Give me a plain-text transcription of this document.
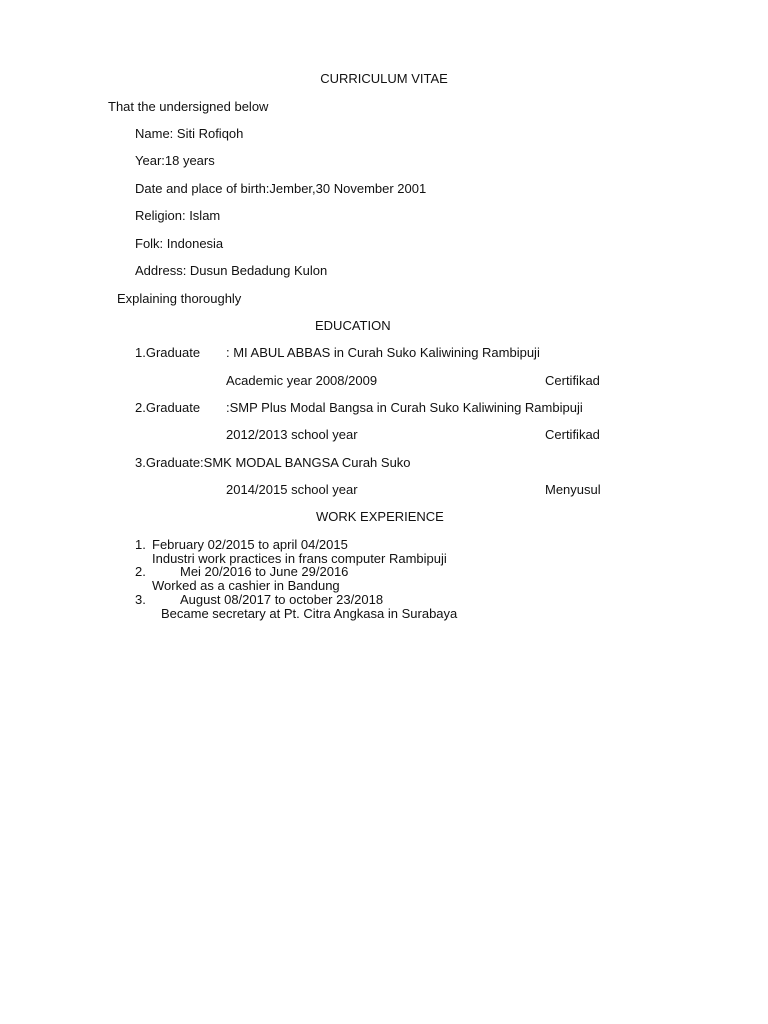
CURRICULUM VITAE
That the undersigned below
Name: Siti Rofiqoh
Year:18 years
Date and place of birth:Jember,30 November 2001
Religion: Islam
Folk: Indonesia
Address: Dusun Bedadung Kulon
Explaining thoroughly
EDUCATION
1.Graduate : MI ABUL ABBAS in Curah Suko Kaliwining Rambipuji
Academic year 2008/2009	Certifikad
2.Graduate :SMP Plus Modal Bangsa in Curah Suko Kaliwining Rambipuji
2012/2013 school year	Certifikad
3.Graduate:SMK MODAL BANGSA Curah Suko
2014/2015 school year	Menyusul
WORK EXPERIENCE
1. February 02/2015 to april 04/2015
Industri work practices in frans computer Rambipuji
2.	Mei 20/2016 to June 29/2016
Worked as a cashier in Bandung
3.	August 08/2017 to october 23/2018
Became secretary at Pt. Citra Angkasa in Surabaya
